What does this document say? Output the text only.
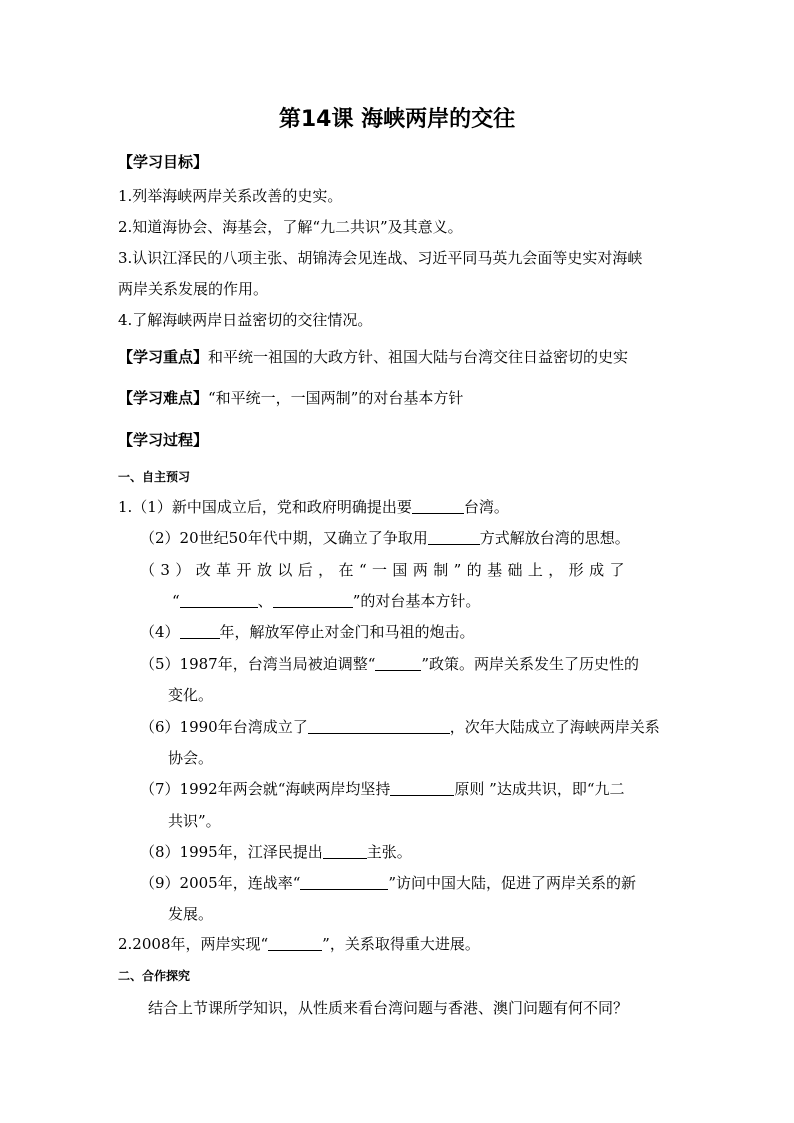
第14课 海峡两岸的交往
【学习目标】
1.列举海峡两岸关系改善的史实。
2.知道海协会、海基会，了解“九二共识”及其意义。
3.认识江泽民的八项主张、胡锦涛会见连战、习近平同马英九会面等史实对海峡
两岸关系发展的作用。
4.了解海峡两岸日益密切的交往情况。
【学习重点】和平统一祖国的大政方针、祖国大陆与台湾交往日益密切的史实
【学习难点】“和平统一，一国两制”的对台基本方针
【学习过程】
一、自主预习
1.（1）新中国成立后，党和政府明确提出要	台湾。
（2）20世纪50年代中期，又确立了争取用	方式解放台湾的思想。
（3）改革开放以后，在“一国两制”的基础上，形成了
“	、	”的对台基本方针。
（4）	年，解放军停止对金门和马祖的炮击。
（5）1987年，台湾当局被迫调整“	”政策。两岸关系发生了历史性的
变化。
（6）1990年台湾成立了	，次年大陆成立了海峡两岸关系
协会。
（7）1992年两会就“海峡两岸均坚持	原则 ”达成共识，即“九二
共识”。
（8）1995年，江泽民提出	主张。
（9）2005年，连战率“	”访问中国大陆，促进了两岸关系的新
发展。
2.2008年，两岸实现“	”，关系取得重大进展。
二、合作探究
结合上节课所学知识，从性质来看台湾问题与香港、澳门问题有何不同？
